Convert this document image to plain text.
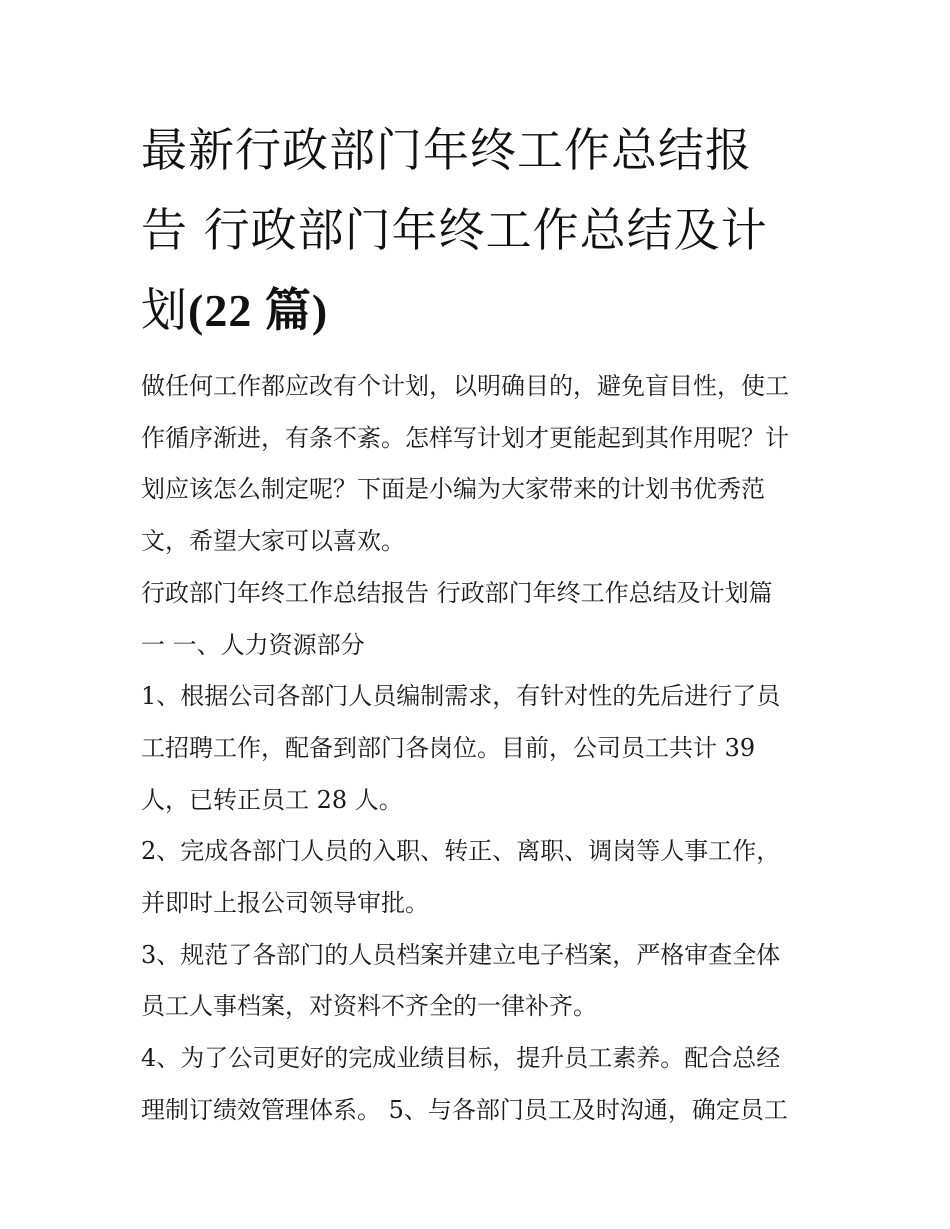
最新行政部门年终工作总结报
告 行政部门年终工作总结及计
划(22 篇)
做任何工作都应改有个计划，以明确目的，避免盲目性，使工
作循序渐进，有条不紊。怎样写计划才更能起到其作用呢？计
划应该怎么制定呢？下面是小编为大家带来的计划书优秀范
文，希望大家可以喜欢。
行政部门年终工作总结报告 行政部门年终工作总结及计划篇
一 一、人力资源部分
1、根据公司各部门人员编制需求，有针对性的先后进行了员
工招聘工作，配备到部门各岗位。目前，公司员工共计 39
人，已转正员工 28 人。
2、完成各部门人员的入职、转正、离职、调岗等人事工作，
并即时上报公司领导审批。
3、规范了各部门的人员档案并建立电子档案，严格审查全体
员工人事档案，对资料不齐全的一律补齐。
4、为了公司更好的完成业绩目标，提升员工素养。配合总经
理制订绩效管理体系。 5、与各部门员工及时沟通，确定员工
